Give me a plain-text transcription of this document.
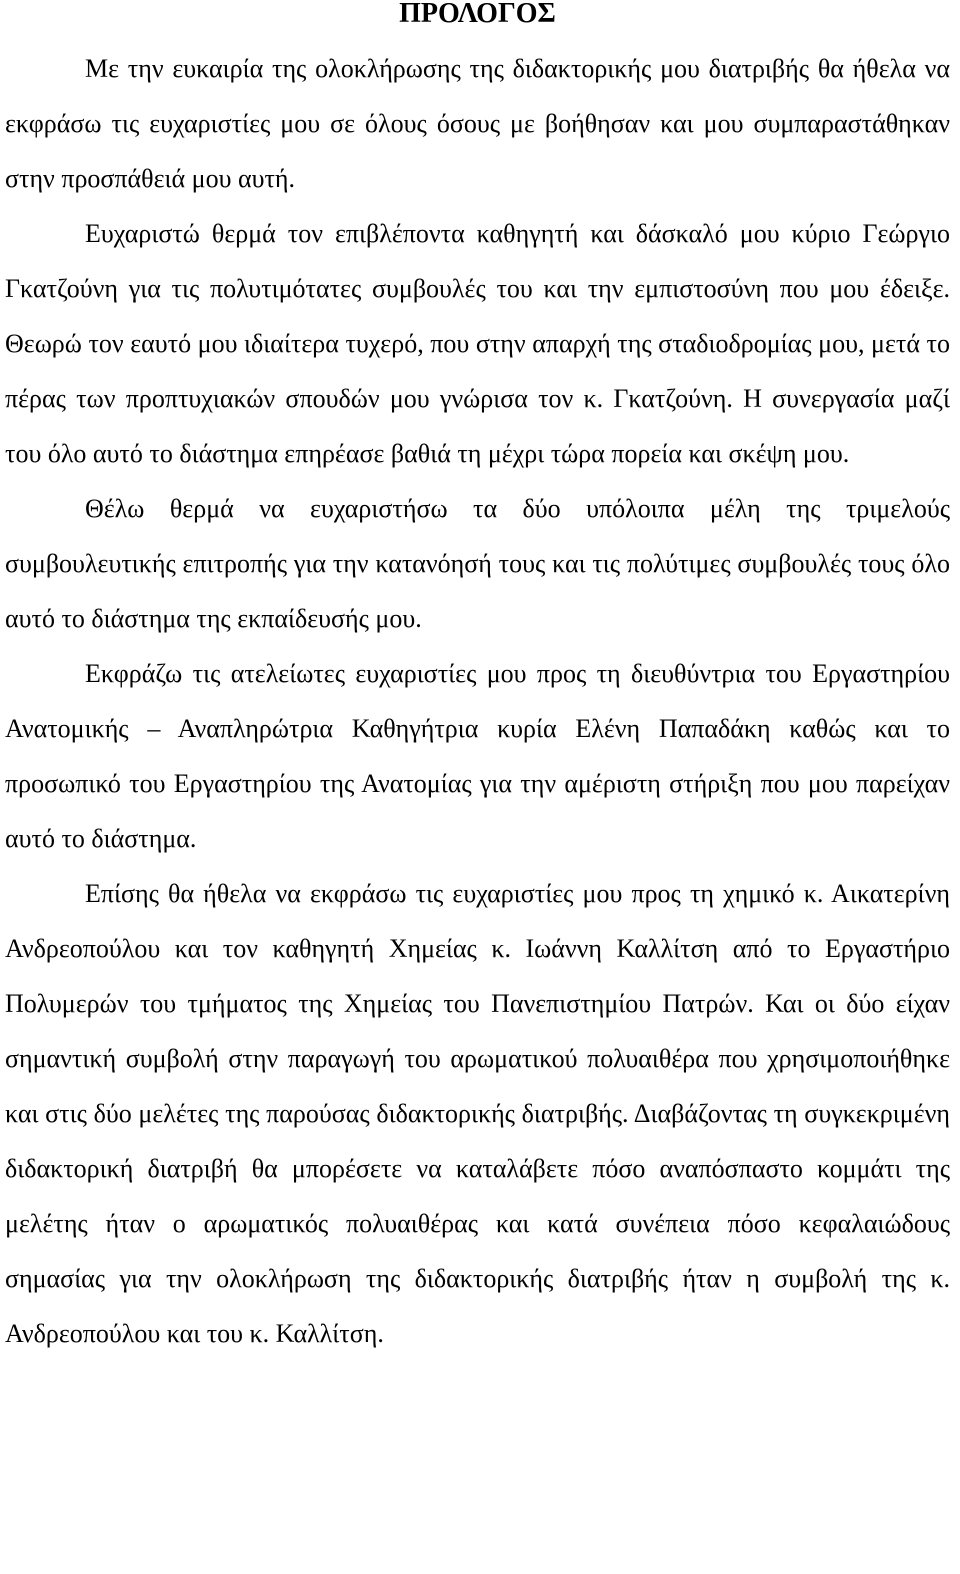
ΠΡΟΛΟΓΟΣ

Με την ευκαιρία της ολοκλήρωσης της διδακτορικής μου διατριβής θα ήθελα να εκφράσω τις ευχαριστίες μου σε όλους όσους με βοήθησαν και μου συμπαραστάθηκαν στην προσπάθειά μου αυτή.

Ευχαριστώ θερμά τον επιβλέποντα καθηγητή και δάσκαλό μου κύριο Γεώργιο Γκατζούνη για τις πολυτιμότατες συμβουλές του και την εμπιστοσύνη που μου έδειξε. Θεωρώ τον εαυτό μου ιδιαίτερα τυχερό, που στην απαρχή της σταδιοδρομίας μου, μετά το πέρας των προπτυχιακών σπουδών μου γνώρισα τον κ. Γκατζούνη. Η συνεργασία μαζί του όλο αυτό το διάστημα επηρέασε βαθιά τη μέχρι τώρα πορεία και σκέψη μου.

Θέλω θερμά να ευχαριστήσω τα δύο υπόλοιπα μέλη της τριμελούς συμβουλευτικής επιτροπής για την κατανόησή τους και τις πολύτιμες συμβουλές τους όλο αυτό το διάστημα της εκπαίδευσής μου.

Εκφράζω τις ατελείωτες ευχαριστίες μου προς τη διευθύντρια του Εργαστηρίου Ανατομικής – Αναπληρώτρια Καθηγήτρια κυρία Ελένη Παπαδάκη καθώς και το προσωπικό του Εργαστηρίου της Ανατομίας για την αμέριστη στήριξη που μου παρείχαν αυτό το διάστημα.

Επίσης θα ήθελα να εκφράσω τις ευχαριστίες μου προς τη χημικό κ. Αικατερίνη Ανδρεοπούλου και τον καθηγητή Χημείας κ. Ιωάννη Καλλίτση από το Εργαστήριο Πολυμερών του τμήματος της Χημείας του Πανεπιστημίου Πατρών. Και οι δύο είχαν σημαντική συμβολή στην παραγωγή του αρωματικού πολυαιθέρα που χρησιμοποιήθηκε και στις δύο μελέτες της παρούσας διδακτορικής διατριβής. Διαβάζοντας τη συγκεκριμένη διδακτορική διατριβή θα μπορέσετε να καταλάβετε πόσο αναπόσπαστο κομμάτι της μελέτης ήταν ο αρωματικός πολυαιθέρας και κατά συνέπεια πόσο κεφαλαιώδους σημασίας για την ολοκλήρωση της διδακτορικής διατριβής ήταν η συμβολή της κ. Ανδρεοπούλου και του κ. Καλλίτση.
